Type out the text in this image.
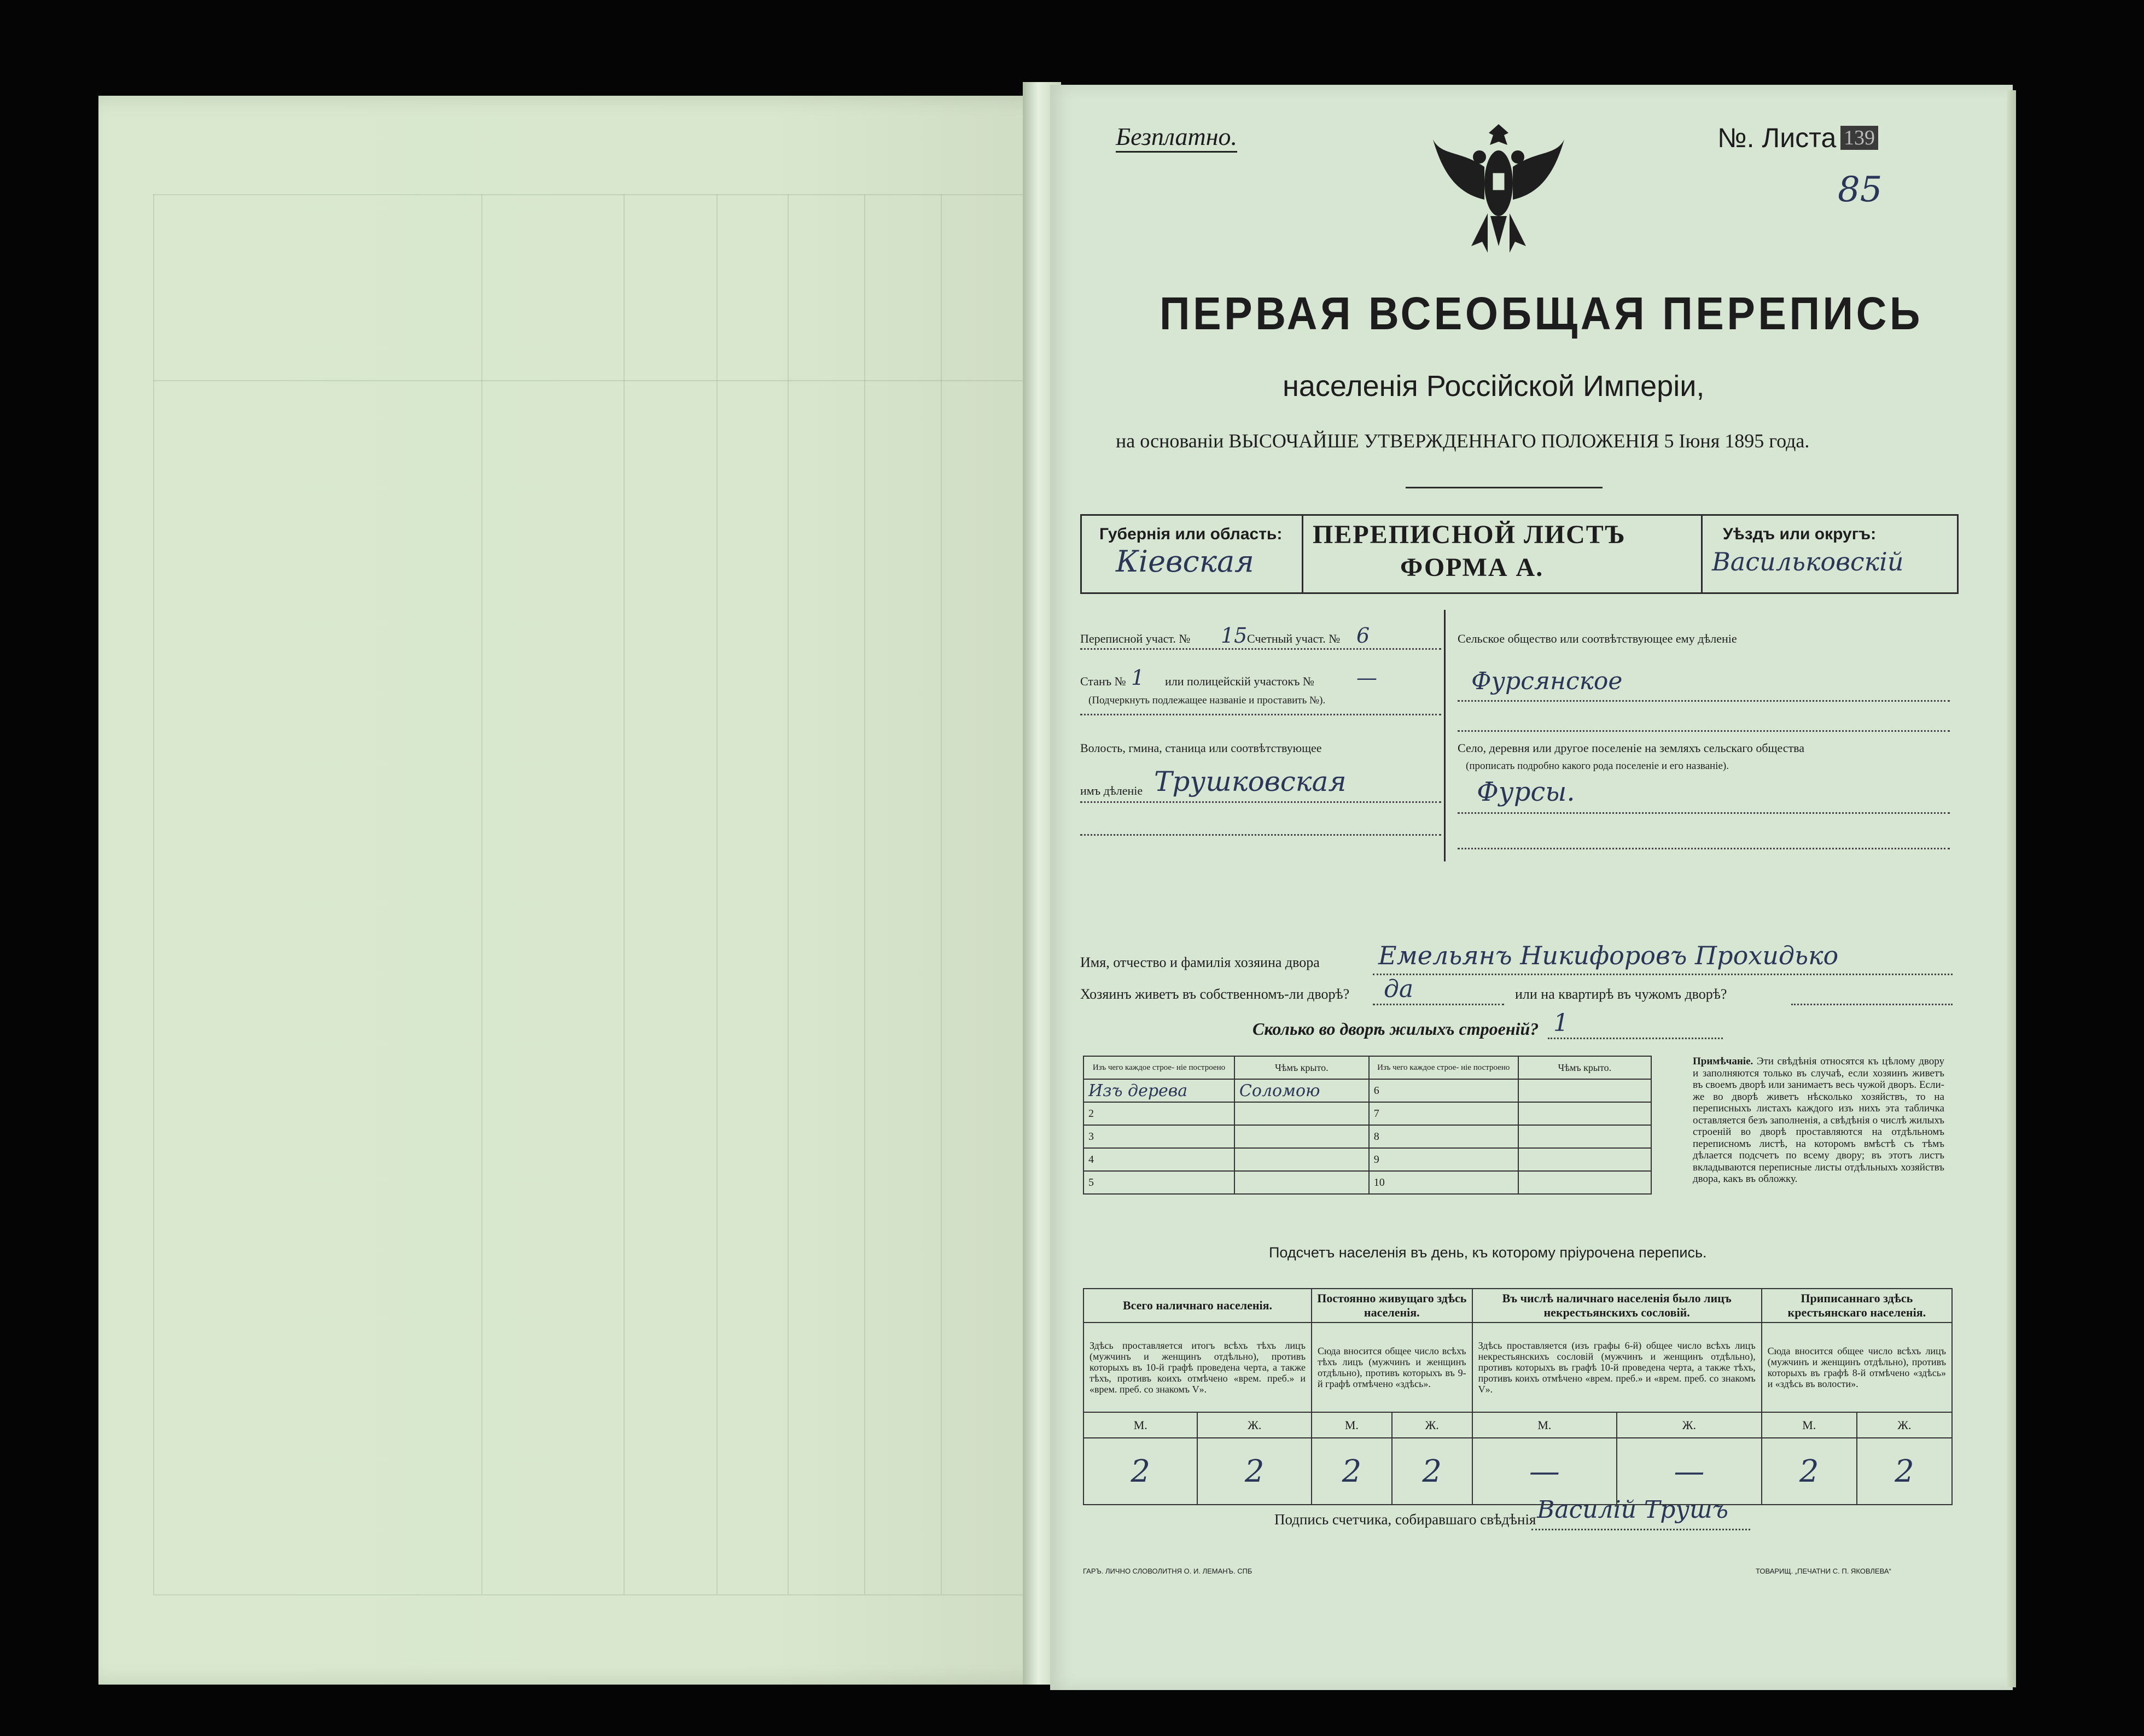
Безплатно.	№. Листа 139
85
ПЕРВАЯ ВСЕОБЩАЯ ПЕРЕПИСЬ
населенія Россійской Имперіи,
на основаніи ВЫСОЧАЙШЕ УТВЕРЖДЕННАГО ПОЛОЖЕНІЯ 5 Іюня 1895 года.
Губернія или область:
Кіевская
ПЕРЕПИСНОЙ ЛИСТЪ
ФОРМА А.
Уѣздъ или округъ:
Васильковскій
Переписной участ. № 15 Счетный участ. № 6
Станъ № 1 или полицейскій участокъ № —
(Подчеркнуть подлежащее названіе и проставить №).
Волость, гмина, станица или соотвѣтствующее
имъ дѣленіе Трушковская
Сельское общество или соотвѣтствующее ему дѣленіе
Фурсянское
Село, деревня или другое поселеніе на земляхъ сельскаго общества
(прописать подробно какого рода поселеніе и его названіе).
Фурсы.
Имя, отчество и фамилія хозяина двора Емельянъ Никифоровъ Прохидько
Хозяинъ живетъ въ собственномъ-ли дворѣ? да	или на квартирѣ въ чужомъ дворѣ?
Сколько во дворѣ жилыхъ строеній? 1
Изъ чего каждое строе- ніе построено	Чѣмъ крыто.	Изъ чего каждое строе- ніе построено	Чѣмъ крыто.
Изъ дерева	Соломою	6	
2		7	
3		8	
4		9	
5		10	
Примѣчаніе. Эти свѣдѣнія относятся къ цѣлому двору и заполняются только въ случаѣ, если хозяинъ живетъ въ своемъ дворѣ или занимаетъ весь чужой дворъ. Если-же во дворѣ живетъ нѣсколько хозяйствъ, то на переписныхъ листахъ каждого изъ нихъ эта табличка оставляется безъ заполненія, а свѣдѣнія о числѣ жилыхъ строеній во дворѣ проставляются на отдѣльномъ переписномъ листѣ, на которомъ вмѣстѣ съ тѣмъ дѣлается подсчетъ по всему двору; въ этотъ листъ вкладываются переписные листы отдѣльныхъ хозяйствъ двора, какъ въ обложку.
Подсчетъ населенія въ день, къ которому пріурочена перепись.
Всего наличнаго населенія.		Постоянно живущаго здѣсь населенія.		Въ числѣ наличнаго населенія было лицъ некрестьянскихъ сословій.		Приписаннаго здѣсь крестьянскаго населенія.	
Здѣсь проставляется итогъ всѣхъ тѣхъ лицъ (мужчинъ и женщинъ отдѣльно), противъ которыхъ въ 10-й графѣ проведена черта, а также тѣхъ, противъ коихъ отмѣчено «врем. преб.» и «врем. преб. со знакомъ V».		Сюда вносится общее число всѣхъ тѣхъ лицъ (мужчинъ и женщинъ отдѣльно), противъ которыхъ въ 9-й графѣ отмѣчено «здѣсь».		Здѣсь проставляется (изъ графы 6-й) общее число всѣхъ лицъ некрестьянскихъ сословій (мужчинъ и женщинъ отдѣльно), противъ которыхъ въ графѣ 10-й проведена черта, а также тѣхъ, противъ коихъ отмѣчено «врем. преб.» и «врем. преб. со знакомъ V».		Сюда вносится общее число всѣхъ лицъ (мужчинъ и женщинъ отдѣльно), противъ которыхъ въ графѣ 8-й отмѣчено «здѣсь» и «здѣсь въ волости».	
М.	Ж.	М.	Ж.	М.	Ж.	М.	Ж.
2	2	2	2	—	—	2	2
Подпись счетчика, собиравшаго свѣдѣнія Василій Трушъ
ГАРЪ. ЛИЧНО СЛОВОЛИТНЯ О. И. ЛЕМАНЪ. СПБ	ТОВАРИЩ. „ПЕЧАТНИ С. П. ЯКОВЛЕВА“
